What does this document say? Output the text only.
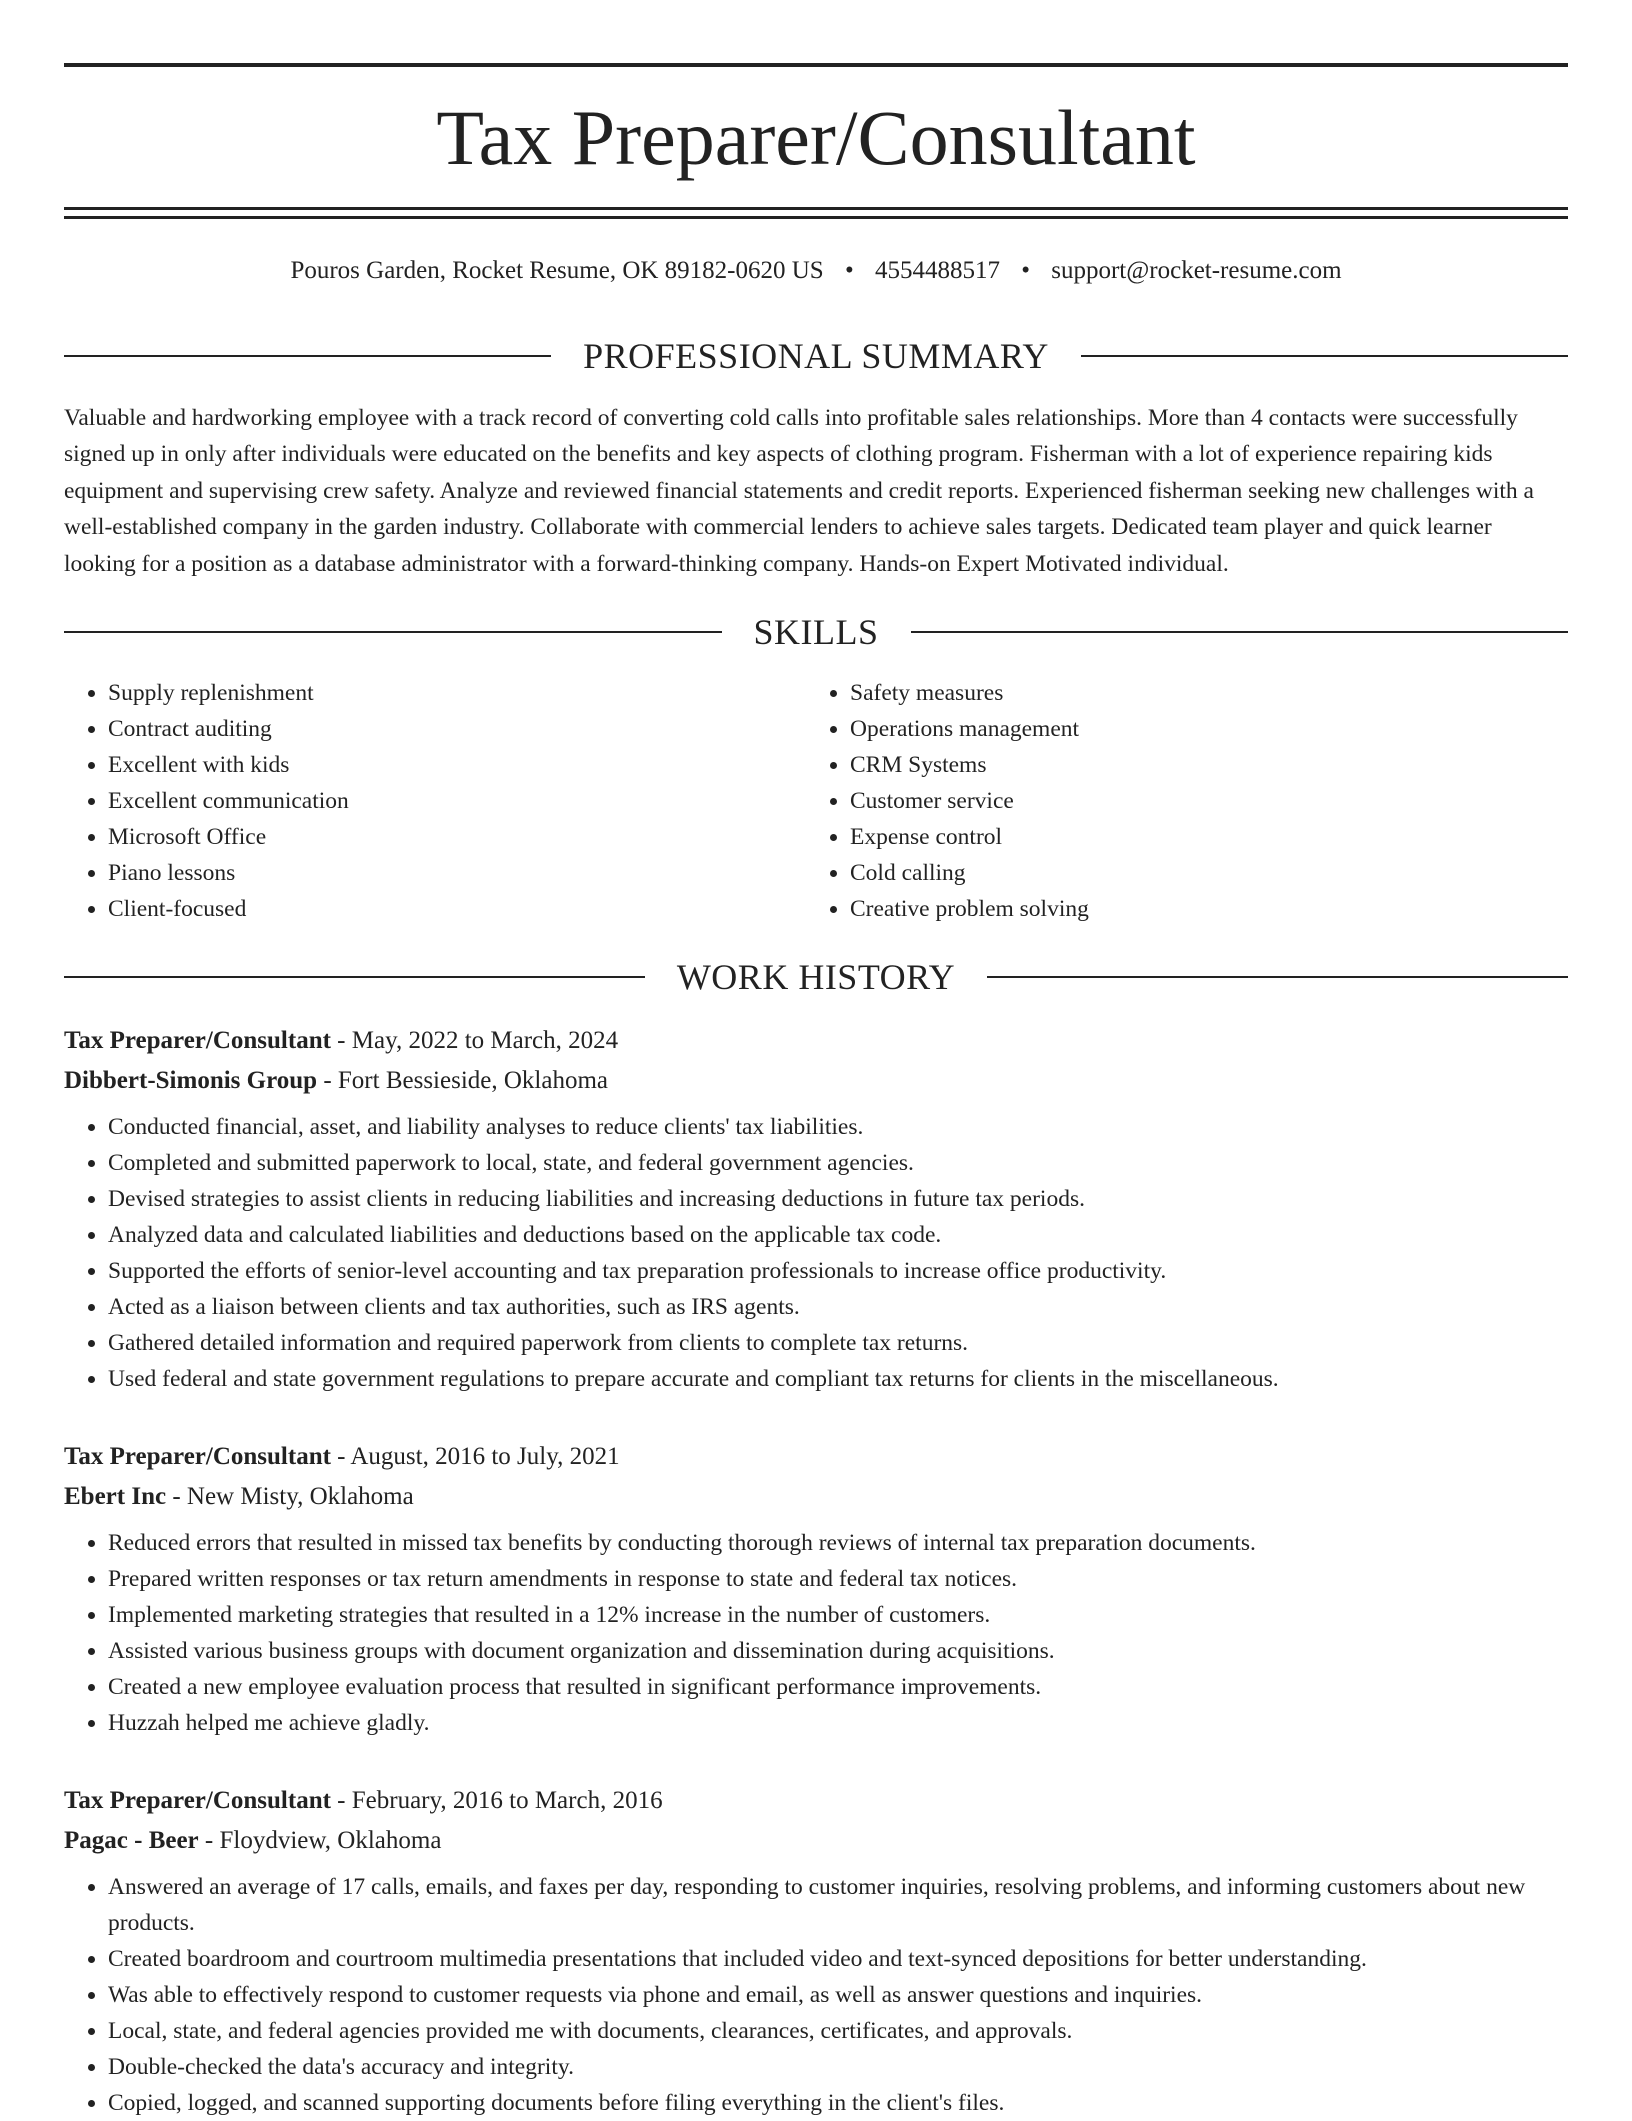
Tax Preparer/Consultant
Pouros Garden, Rocket Resume, OK 89182-0620 US • 4554488517 • support@rocket-resume.com
PROFESSIONAL SUMMARY

Valuable and hardworking employee with a track record of converting cold calls into profitable sales relationships. More than 4 contacts were successfully signed up in only after individuals were educated on the benefits and key aspects of clothing program. Fisherman with a lot of experience repairing kids equipment and supervising crew safety. Analyze and reviewed financial statements and credit reports. Experienced fisherman seeking new challenges with a well-established company in the garden industry. Collaborate with commercial lenders to achieve sales targets. Dedicated team player and quick learner looking for a position as a database administrator with a forward-thinking company. Hands-on Expert Motivated individual.

SKILLS
• Supply replenishment
• Contract auditing
• Excellent with kids
• Excellent communication
• Microsoft Office
• Piano lessons
• Client-focused
• Safety measures
• Operations management
• CRM Systems
• Customer service
• Expense control
• Cold calling
• Creative problem solving
WORK HISTORY
Tax Preparer/Consultant - May, 2022 to March, 2024
Dibbert-Simonis Group - Fort Bessieside, Oklahoma
• Conducted financial, asset, and liability analyses to reduce clients' tax liabilities.
• Completed and submitted paperwork to local, state, and federal government agencies.
• Devised strategies to assist clients in reducing liabilities and increasing deductions in future tax periods.
• Analyzed data and calculated liabilities and deductions based on the applicable tax code.
• Supported the efforts of senior-level accounting and tax preparation professionals to increase office productivity.
• Acted as a liaison between clients and tax authorities, such as IRS agents.
• Gathered detailed information and required paperwork from clients to complete tax returns.
• Used federal and state government regulations to prepare accurate and compliant tax returns for clients in the miscellaneous.
Tax Preparer/Consultant - August, 2016 to July, 2021
Ebert Inc - New Misty, Oklahoma
• Reduced errors that resulted in missed tax benefits by conducting thorough reviews of internal tax preparation documents.
• Prepared written responses or tax return amendments in response to state and federal tax notices.
• Implemented marketing strategies that resulted in a 12% increase in the number of customers.
• Assisted various business groups with document organization and dissemination during acquisitions.
• Created a new employee evaluation process that resulted in significant performance improvements.
• Huzzah helped me achieve gladly.
Tax Preparer/Consultant - February, 2016 to March, 2016
Pagac - Beer - Floydview, Oklahoma
• Answered an average of 17 calls, emails, and faxes per day, responding to customer inquiries, resolving problems, and informing customers about new products.
• Created boardroom and courtroom multimedia presentations that included video and text-synced depositions for better understanding.
• Was able to effectively respond to customer requests via phone and email, as well as answer questions and inquiries.
• Local, state, and federal agencies provided me with documents, clearances, certificates, and approvals.
• Double-checked the data's accuracy and integrity.
• Copied, logged, and scanned supporting documents before filing everything in the client's files.
